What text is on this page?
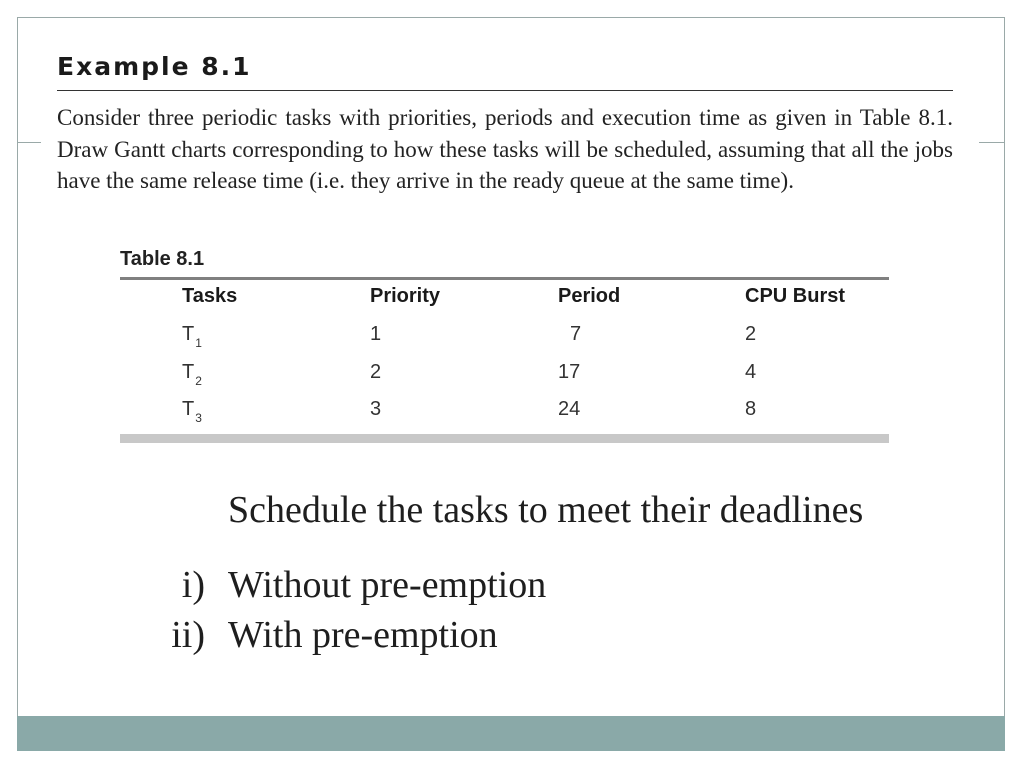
Example 8.1
Consider three periodic tasks with priorities, periods and execution time as given in Table 8.1. Draw Gantt charts corresponding to how these tasks will be scheduled, assuming that all the jobs have the same release time (i.e. they arrive in the ready queue at the same time).
Table 8.1
Tasks	Priority	Period	CPU Burst
$T_1$	1	7	2
$T_2$	2	17	4
$T_3$	3	24	8
Schedule the tasks to meet their deadlines
i) Without pre-emption
ii) With pre-emption
